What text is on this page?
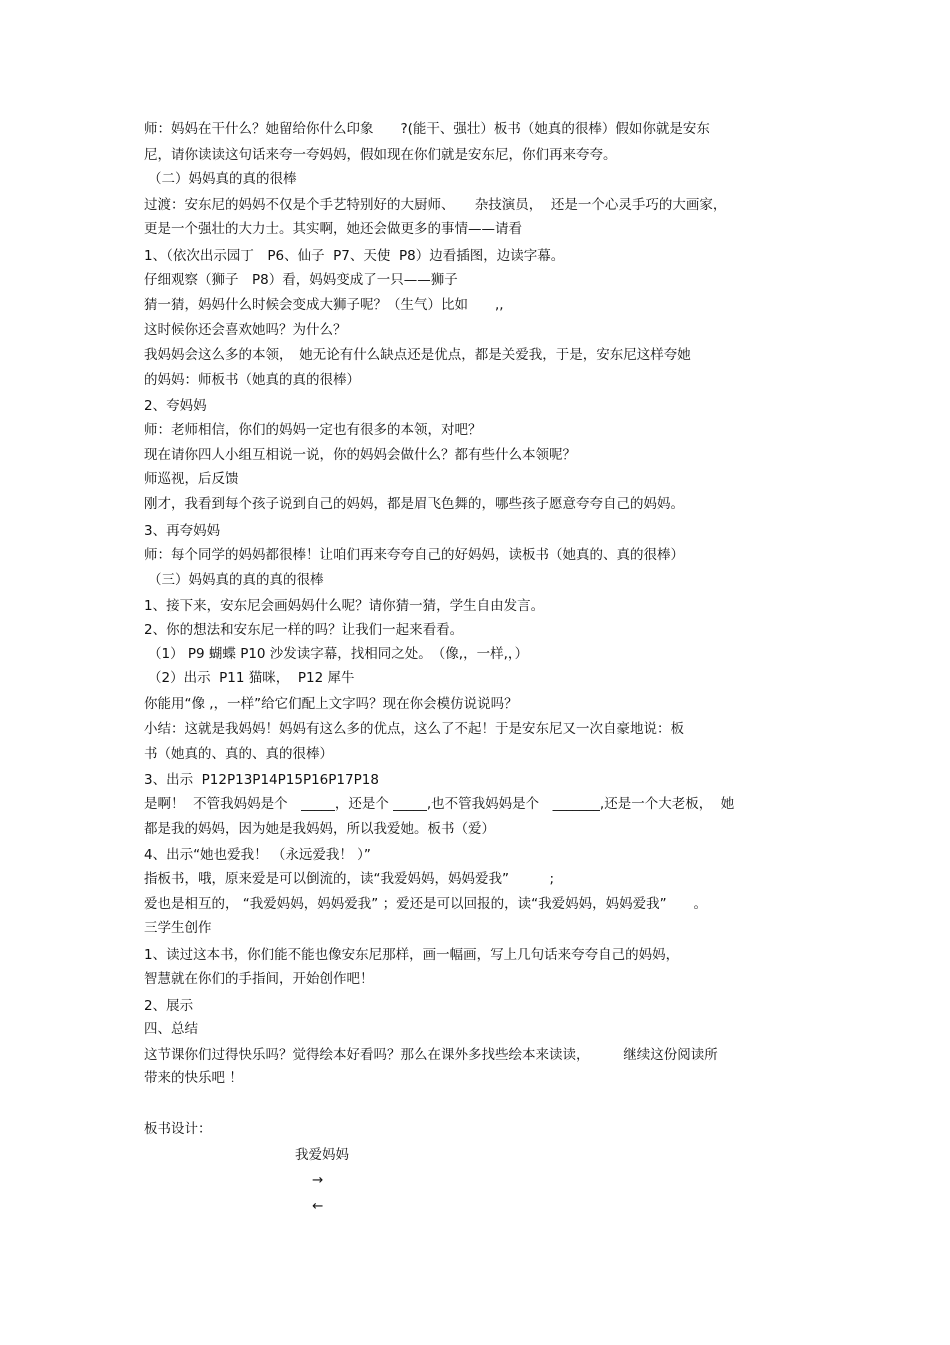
师：妈妈在干什么？她留给你什么印象　　?(能干、强壮）板书（她真的很棒）假如你就是安东
尼，请你读读这句话来夸一夸妈妈，假如现在你们就是安东尼，你们再来夸夸。
（二）妈妈真的真的很棒
过渡：安东尼的妈妈不仅是个手艺特别好的大厨师、　　杂技演员，  还是一个心灵手巧的大画家，
更是一个强壮的大力士。其实啊，她还会做更多的事情——请看
1、（依次出示园丁　P6、仙子  P7、天使  P8）边看插图，边读字幕。
仔细观察（狮子　P8）看，妈妈变成了一只——狮子
猜一猜，妈妈什么时候会变成大狮子呢？（生气）比如　　,,
这时候你还会喜欢她吗？为什么？
我妈妈会这么多的本领，　她无论有什么缺点还是优点，都是关爱我，于是，安东尼这样夸她
的妈妈：师板书（她真的真的很棒）
2、夸妈妈
师：老师相信，你们的妈妈一定也有很多的本领，对吧？
现在请你四人小组互相说一说，你的妈妈会做什么？都有些什么本领呢？
师巡视，后反馈
刚才，我看到每个孩子说到自己的妈妈，都是眉飞色舞的，哪些孩子愿意夸夸自己的妈妈。
3、再夸妈妈
师：每个同学的妈妈都很棒！让咱们再来夸夸自己的好妈妈，读板书（她真的、真的很棒）
（三）妈妈真的真的真的很棒
1、接下来，安东尼会画妈妈什么呢？请你猜一猜，学生自由发言。
2、你的想法和安东尼一样的吗？让我们一起来看看。
（1） P9 蝴蝶 P10 沙发读字幕，找相同之处。　（像,，一样,，）
（2）出示  P11 猫咪，  P12 犀牛
你能用“像 ,，一样”给它们配上文字吗？现在你会模仿说说吗？
小结：这就是我妈妈！妈妈有这么多的优点，这么了不起！于是安东尼又一次自豪地说：板
书（她真的、真的、真的很棒）
3、出示  P12P13P14P15P16P17P18
是啊！  不管我妈妈是个　_____，还是个 _____,也不管我妈妈是个　_______,还是一个大老板，  她
都是我的妈妈，因为她是我妈妈，所以我爱她。板书（爱）
4、出示“她也爱我！ （永远爱我！ ）”
指板书，哦，原来爱是可以倒流的，读“我爱妈妈，妈妈爱我”　　　;
爱也是相互的， “我爱妈妈，妈妈爱我” ；爱还是可以回报的，读“我爱妈妈，妈妈爱我”　　。
三学生创作
1、读过这本书，你们能不能也像安东尼那样，画一幅画，写上几句话来夸夸自己的妈妈，
智慧就在你们的手指间，开始创作吧！
2、展示
四、总结
这节课你们过得快乐吗？觉得绘本好看吗？那么在课外多找些绘本来读读，　　　继续这份阅读所
带来的快乐吧 ！
板书设计：
我爱妈妈
→
←
